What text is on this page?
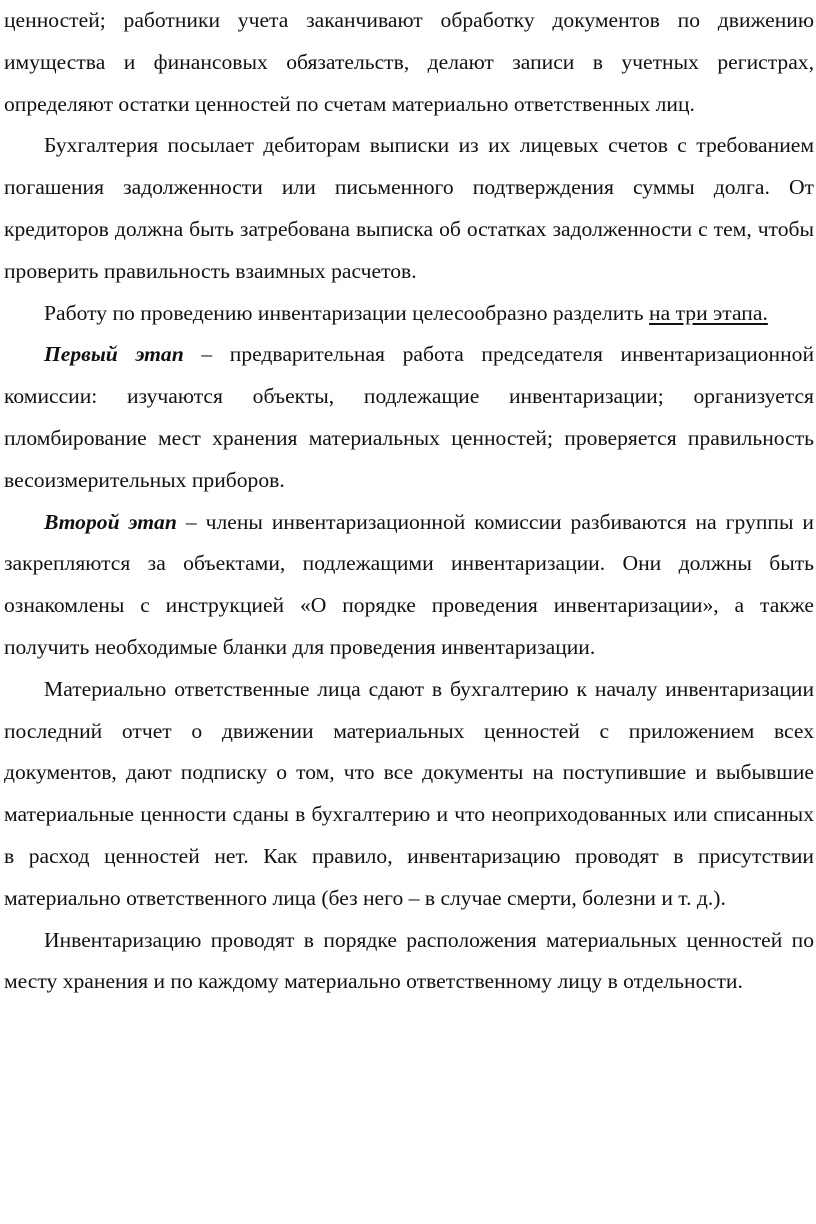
ценностей; работники учета заканчивают обработку документов по движению имущества и финансовых обязательств, делают записи в учетных регистрах, определяют остатки ценностей по счетам материально ответственных лиц.

Бухгалтерия посылает дебиторам выписки из их лицевых счетов с требованием погашения задолженности или письменного подтверждения суммы долга. От кредиторов должна быть затребована выписка об остатках задолженности с тем, чтобы проверить правильность взаимных расчетов.

Работу по проведению инвентаризации целесообразно разделить на три этапа.

Первый этап – предварительная работа председателя инвентаризационной комиссии: изучаются объекты, подлежащие инвентаризации; организуется пломбирование мест хранения материальных ценностей; проверяется правильность весоизмерительных приборов.

Второй этап – члены инвентаризационной комиссии разбиваются на группы и закрепляются за объектами, подлежащими инвентаризации. Они должны быть ознакомлены с инструкцией «О порядке проведения инвентаризации», а также получить необходимые бланки для проведения инвентаризации.

Материально ответственные лица сдают в бухгалтерию к началу инвентаризации последний отчет о движении материальных ценностей с приложением всех документов, дают подписку о том, что все документы на поступившие и выбывшие материальные ценности сданы в бухгалтерию и что неоприходованных или списанных в расход ценностей нет. Как правило, инвентаризацию проводят в присутствии материально ответственного лица (без него – в случае смерти, болезни и т. д.).

Инвентаризацию проводят в порядке расположения материальных ценностей по месту хранения и по каждому материально ответственному лицу в отдельности.
